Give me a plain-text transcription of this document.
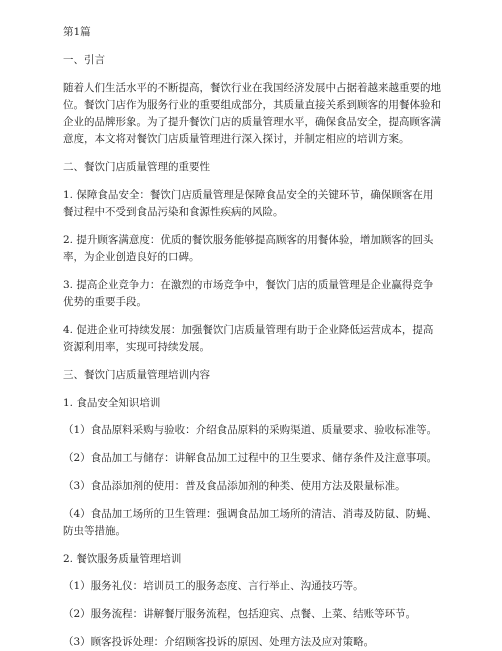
第1篇
一、引言
随着人们生活水平的不断提高，餐饮行业在我国经济发展中占据着越来越重要的地
位。餐饮门店作为服务行业的重要组成部分，其质量直接关系到顾客的用餐体验和
企业的品牌形象。为了提升餐饮门店的质量管理水平，确保食品安全，提高顾客满
意度，本文将对餐饮门店质量管理进行深入探讨，并制定相应的培训方案。
二、餐饮门店质量管理的重要性
1. 保障食品安全：餐饮门店质量管理是保障食品安全的关键环节，确保顾客在用
餐过程中不受到食品污染和食源性疾病的风险。
2. 提升顾客满意度：优质的餐饮服务能够提高顾客的用餐体验，增加顾客的回头
率，为企业创造良好的口碑。
3. 提高企业竞争力：在激烈的市场竞争中，餐饮门店的质量管理是企业赢得竞争
优势的重要手段。
4. 促进企业可持续发展：加强餐饮门店质量管理有助于企业降低运营成本，提高
资源利用率，实现可持续发展。
三、餐饮门店质量管理培训内容
1. 食品安全知识培训
（1）食品原料采购与验收：介绍食品原料的采购渠道、质量要求、验收标准等。
（2）食品加工与储存：讲解食品加工过程中的卫生要求、储存条件及注意事项。
（3）食品添加剂的使用：普及食品添加剂的种类、使用方法及限量标准。
（4）食品加工场所的卫生管理：强调食品加工场所的清洁、消毒及防鼠、防蝇、
防虫等措施。
2. 餐饮服务质量管理培训
（1）服务礼仪：培训员工的服务态度、言行举止、沟通技巧等。
（2）服务流程：讲解餐厅服务流程，包括迎宾、点餐、上菜、结账等环节。
（3）顾客投诉处理：介绍顾客投诉的原因、处理方法及应对策略。
